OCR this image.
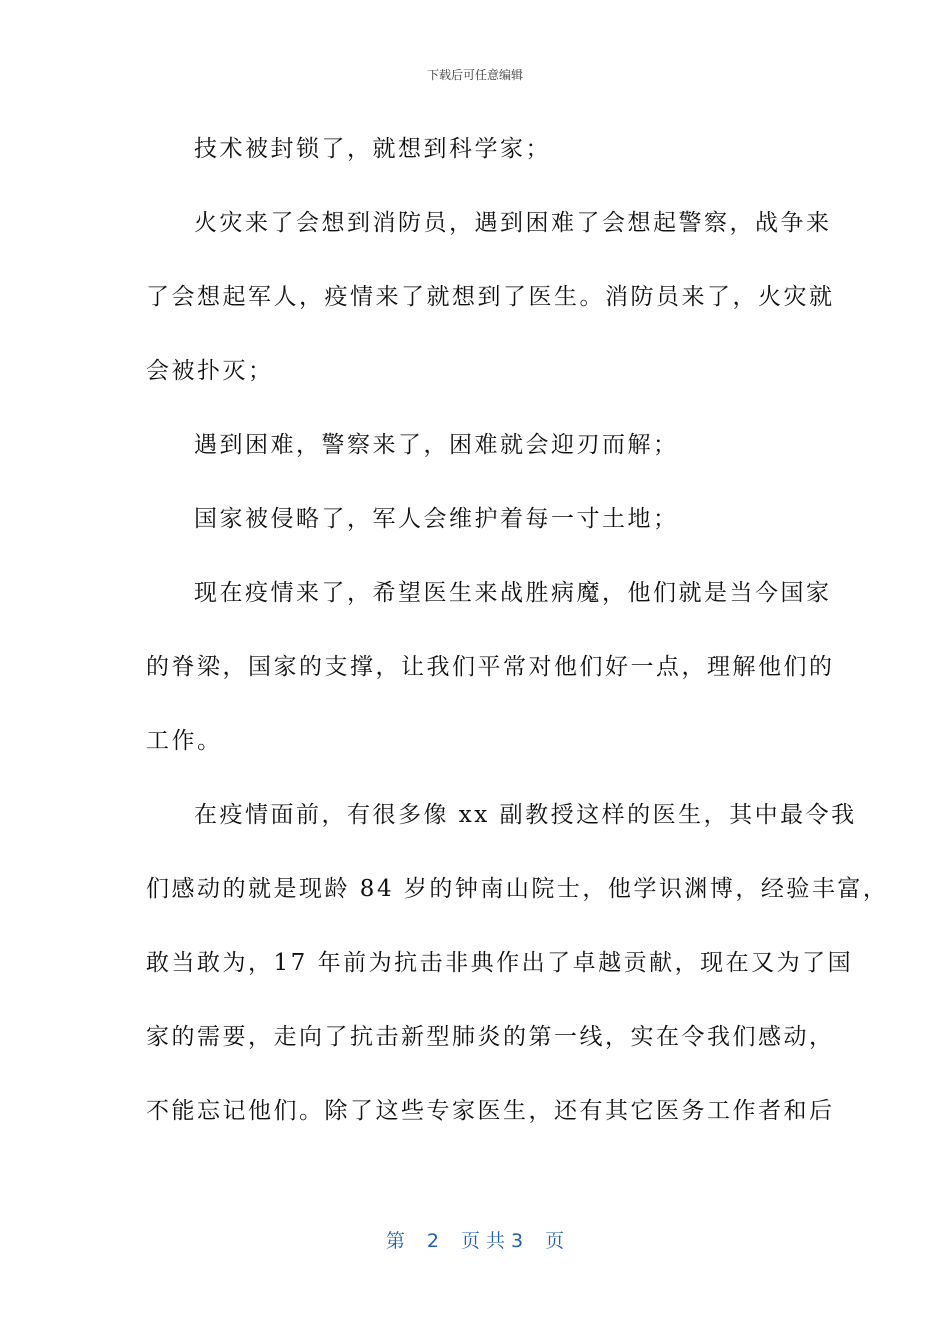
下载后可任意编辑
技术被封锁了，就想到科学家；
火灾来了会想到消防员，遇到困难了会想起警察，战争来
了会想起军人，疫情来了就想到了医生。消防员来了，火灾就
会被扑灭；
遇到困难，警察来了，困难就会迎刃而解；
国家被侵略了，军人会维护着每一寸土地；
现在疫情来了，希望医生来战胜病魔，他们就是当今国家
的脊梁，国家的支撑，让我们平常对他们好一点，理解他们的
工作。
在疫情面前，有很多像 xx 副教授这样的医生，其中最令我
们感动的就是现龄 84 岁的钟南山院士，他学识渊博，经验丰富，
敢当敢为，17 年前为抗击非典作出了卓越贡献，现在又为了国
家的需要，走向了抗击新型肺炎的第一线，实在令我们感动，
不能忘记他们。除了这些专家医生，还有其它医务工作者和后
第 2 页共3 页
